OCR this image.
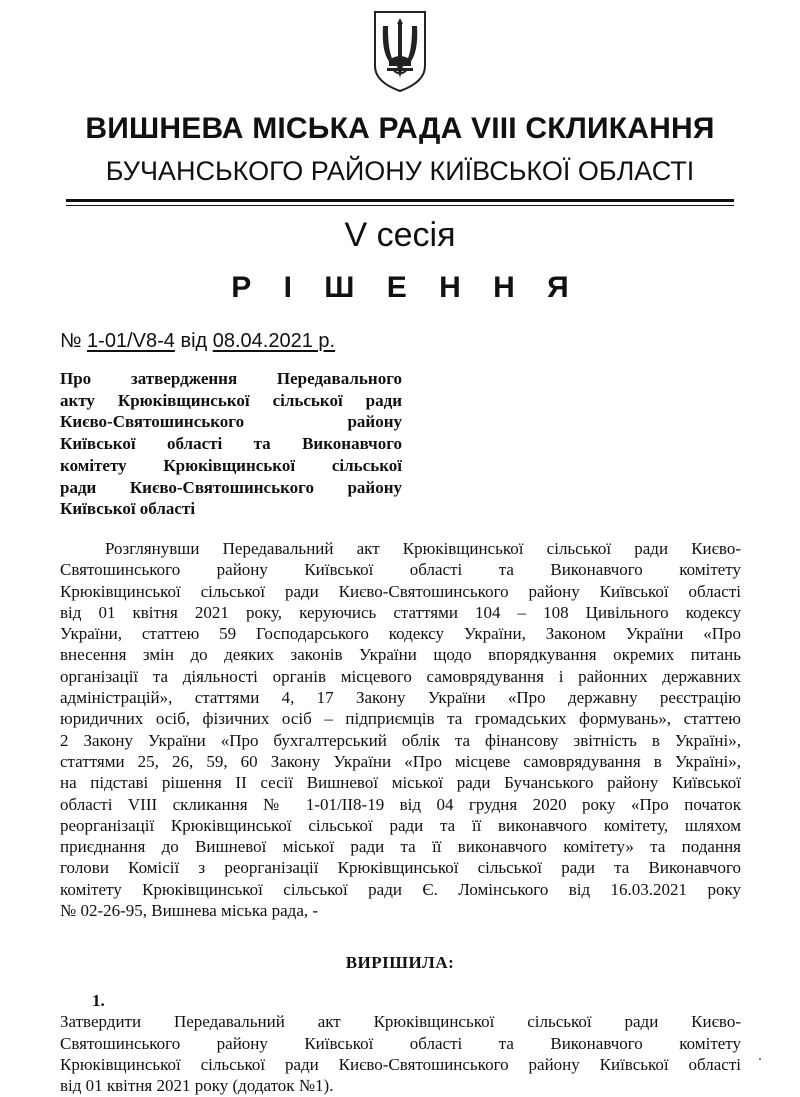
ВИШНЕВА МІСЬКА РАДА VIII СКЛИКАННЯ
БУЧАНСЬКОГО РАЙОНУ КИЇВСЬКОЇ ОБЛАСТІ
V сесія
Р І Ш Е Н Н Я
№ 1-01/V8-4 від 08.04.2021 р.
Про затвердження Передавального
акту Крюківщинської сільської ради
Києво-Святошинського району
Київської області та Виконавчого
комітету Крюківщинської сільської
ради Києво-Святошинського району
Київської області
Розглянувши Передавальний акт Крюківщинської сільської ради Києво-
Святошинського району Київської області та Виконавчого комітету
Крюківщинської сільської ради Києво-Святошинського району Київської області
від 01 квітня 2021 року, керуючись статтями 104 – 108 Цивільного кодексу
України, статтею 59 Господарського кодексу України, Законом України «Про
внесення змін до деяких законів України щодо впорядкування окремих питань
організації та діяльності органів місцевого самоврядування і районних державних
адміністрацій», статтями 4, 17 Закону України «Про державну реєстрацію
юридичних осіб, фізичних осіб – підприємців та громадських формувань», статтею
2 Закону України «Про бухгалтерський облік та фінансову звітність в Україні»,
статтями 25, 26, 59, 60 Закону України «Про місцеве самоврядування в Україні»,
на підставі рішення II сесії Вишневої міської ради Бучанського району Київської
області VIII скликання № 1-01/II8-19 від 04 грудня 2020 року «Про початок
реорганізації Крюківщинської сільської ради та її виконавчого комітету, шляхом
приєднання до Вишневої міської ради та її виконавчого комітету» та подання
голови Комісії з реорганізації Крюківщинської сільської ради та Виконавчого
комітету Крюківщинської сільської ради Є. Ломінського від 16.03.2021 року
№ 02-26-95, Вишнева міська рада, -
ВИРІШИЛА:
1.
Затвердити Передавальний акт Крюківщинської сільської ради Києво-
Святошинського району Київської області та Виконавчого комітету
Крюківщинської сільської ради Києво-Святошинського району Київської області
від 01 квітня 2021 року (додаток №1).
